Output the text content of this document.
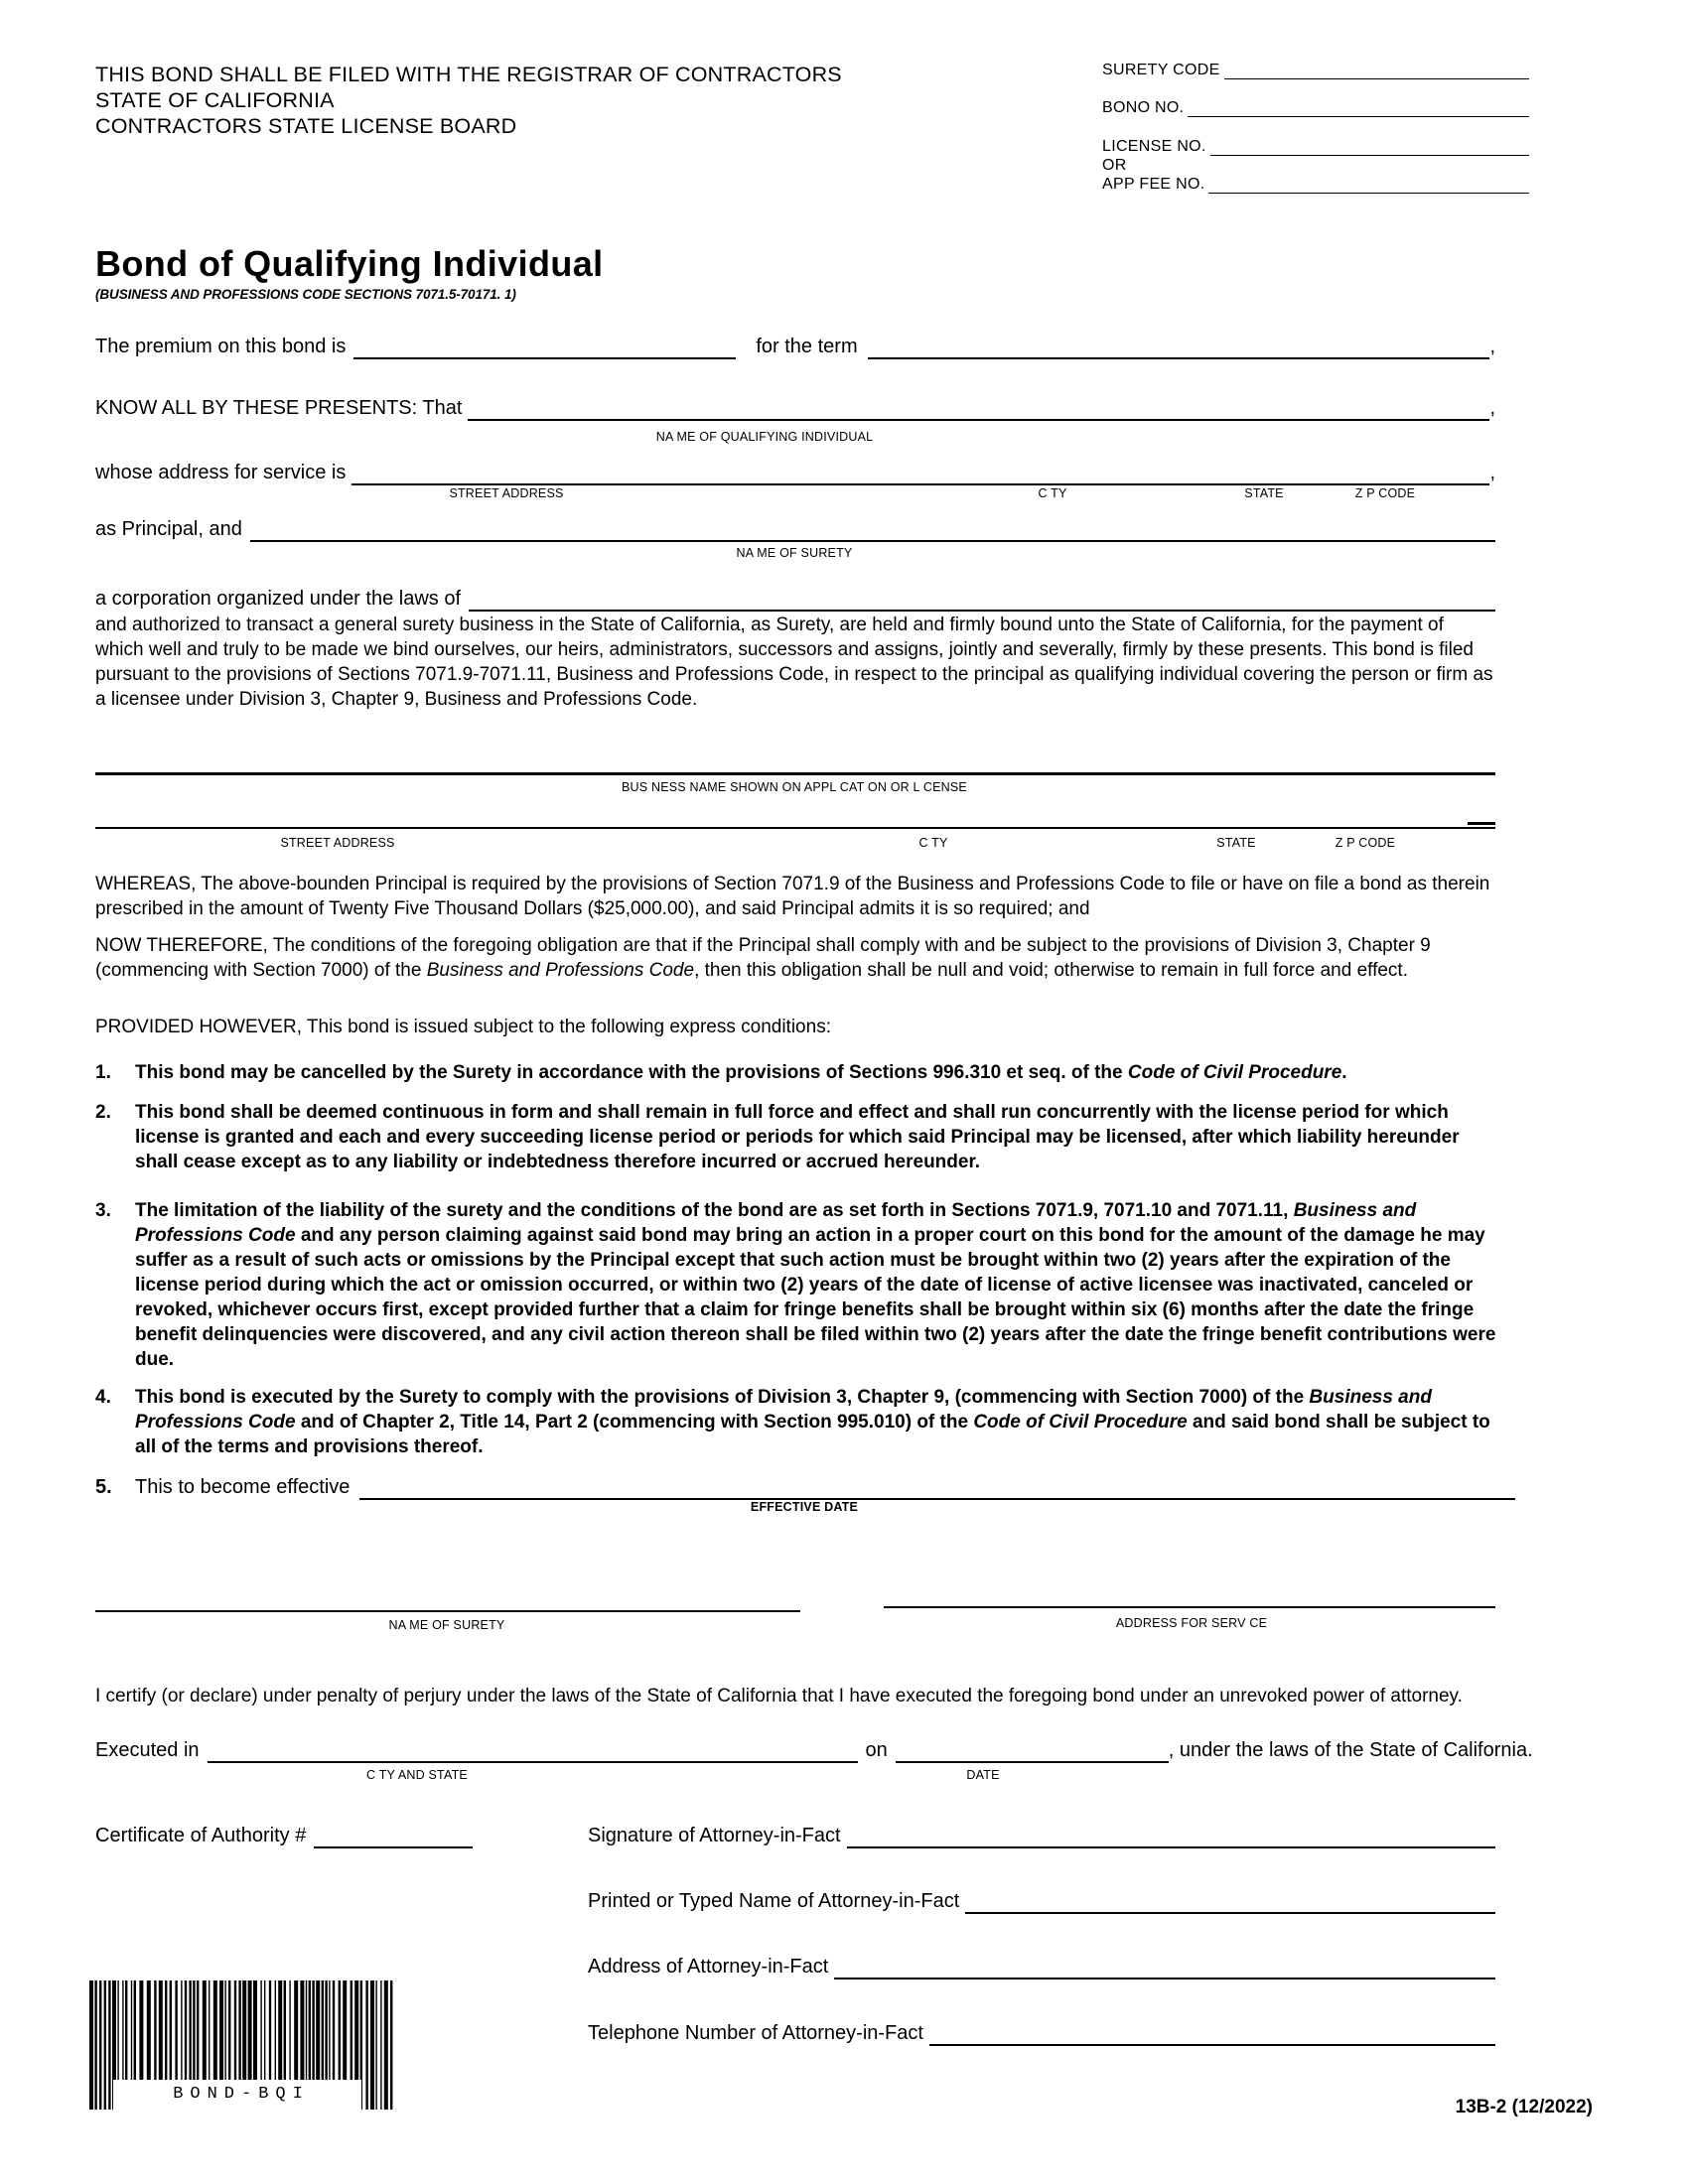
THIS BOND SHALL BE FILED WITH THE REGISTRAR OF CONTRACTORS
STATE OF CALIFORNIA
CONTRACTORS STATE LICENSE BOARD
SURETY CODE
BONO NO.
LICENSE NO.
OR
APP FEE NO.
Bond of Qualifying Individual
(BUSINESS AND PROFESSIONS CODE SECTIONS 7071.5-70171. 1)
The premium on this bond is	for the term	,
KNOW ALL BY THESE PRESENTS: That	,
NA ME OF QUALIFYING INDIVIDUAL
whose address for service is	,
STREET ADDRESS	C TY	STATE	Z P CODE
as Principal, and
NA ME OF SURETY
a corporation organized under the laws of
and authorized to transact a general surety business in the State of California, as Surety, are held and firmly bound unto the State of California, for the payment of which well and truly to be made we bind ourselves, our heirs, administrators, successors and assigns, jointly and severally, firmly by these presents. This bond is filed pursuant to the provisions of Sections 7071.9-7071.11, Business and Professions Code, in respect to the principal as qualifying individual covering the person or firm as a licensee under Division 3, Chapter 9, Business and Professions Code.
BUS NESS NAME SHOWN ON APPL CAT ON OR L CENSE
STREET ADDRESS	C TY	STATE	Z P CODE
WHEREAS, The above-bounden Principal is required by the provisions of Section 7071.9 of the Business and Professions Code to file or have on file a bond as therein prescribed in the amount of Twenty Five Thousand Dollars ($25,000.00), and said Principal admits it is so required; and
NOW THEREFORE, The conditions of the foregoing obligation are that if the Principal shall comply with and be subject to the provisions of Division 3, Chapter 9 (commencing with Section 7000) of the Business and Professions Code, then this obligation shall be null and void; otherwise to remain in full force and effect.
PROVIDED HOWEVER, This bond is issued subject to the following express conditions:
1.	This bond may be cancelled by the Surety in accordance with the provisions of Sections 996.310 et seq. of the Code of Civil Procedure.
2.	This bond shall be deemed continuous in form and shall remain in full force and effect and shall run concurrently with the license period for which license is granted and each and every succeeding license period or periods for which said Principal may be licensed, after which liability hereunder shall cease except as to any liability or indebtedness therefore incurred or accrued hereunder.
3.	The limitation of the liability of the surety and the conditions of the bond are as set forth in Sections 7071.9, 7071.10 and 7071.11, Business and Professions Code and any person claiming against said bond may bring an action in a proper court on this bond for the amount of the damage he may suffer as a result of such acts or omissions by the Principal except that such action must be brought within two (2) years after the expiration of the license period during which the act or omission occurred, or within two (2) years of the date of license of active licensee was inactivated, canceled or revoked, whichever occurs first, except provided further that a claim for fringe benefits shall be brought within six (6) months after the date the fringe benefit delinquencies were discovered, and any civil action thereon shall be filed within two (2) years after the date the fringe benefit contributions were due.
4.	This bond is executed by the Surety to comply with the provisions of Division 3, Chapter 9, (commencing with Section 7000) of the Business and Professions Code and of Chapter 2, Title 14, Part 2 (commencing with Section 995.010) of the Code of Civil Procedure and said bond shall be subject to all of the terms and provisions thereof.
5.	This to become effective
EFFECTIVE DATE
NA ME OF SURETY	ADDRESS FOR SERV CE
I certify (or declare) under penalty of perjury under the laws of the State of California that I have executed the foregoing bond under an unrevoked power of attorney.
Executed in	on	, under the laws of the State of California.
C TY AND STATE	DATE
Certificate of Authority #	Signature of Attorney-in-Fact
Printed or Typed Name of Attorney-in-Fact
Address of Attorney-in-Fact
Telephone Number of Attorney-in-Fact
BOND-BQI
13B-2 (12/2022)
